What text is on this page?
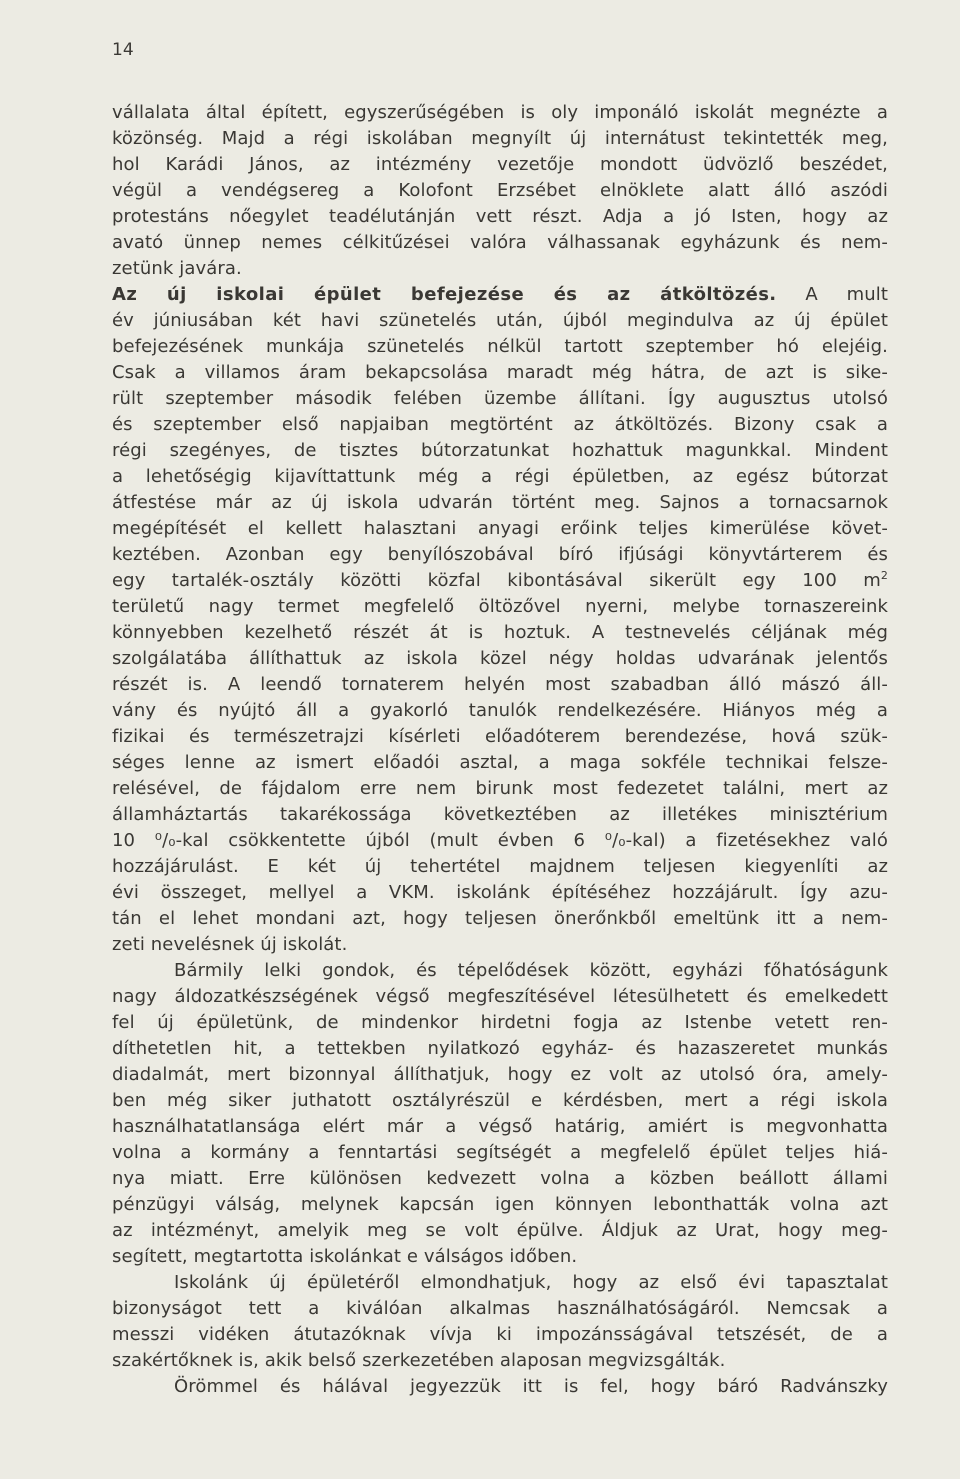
14
vállalata által épített, egyszerűségében is oly imponáló iskolát megnézte a
közönség. Majd a régi iskolában megnyílt új internátust tekintették meg,
hol Karádi János, az intézmény vezetője mondott üdvözlő beszédet,
végül a vendégsereg a Kolofont Erzsébet elnöklete alatt álló aszódi
protestáns nőegylet teadélutánján vett részt. Adja a jó Isten, hogy az
avató ünnep nemes célkitűzései valóra válhassanak egyházunk és nem-
zetünk javára.
Az új iskolai épület befejezése és az átköltözés. A mult
év júniusában két havi szünetelés után, újból megindulva az új épület
befejezésének munkája szünetelés nélkül tartott szeptember hó elejéig.
Csak a villamos áram bekapcsolása maradt még hátra, de azt is sike-
rült szeptember második felében üzembe állítani. Így augusztus utolsó
és szeptember első napjaiban megtörtént az átköltözés. Bizony csak a
régi szegényes, de tisztes bútorzatunkat hozhattuk magunkkal. Mindent
a lehetőségig kijavíttattunk még a régi épületben, az egész bútorzat
átfestése már az új iskola udvarán történt meg. Sajnos a tornacsarnok
megépítését el kellett halasztani anyagi erőink teljes kimerülése követ-
keztében. Azonban egy benyílószobával bíró ifjúsági könyvtárterem és
egy tartalék-osztály közötti közfal kibontásával sikerült egy 100 $m^2$
területű nagy termet megfelelő öltözővel nyerni, melybe tornaszereink
könnyebben kezelhető részét át is hoztuk. A testnevelés céljának még
szolgálatába állíthattuk az iskola közel négy holdas udvarának jelentős
részét is. A leendő tornaterem helyén most szabadban álló mászó áll-
vány és nyújtó áll a gyakorló tanulók rendelkezésére. Hiányos még a
fizikai és természetrajzi kísérleti előadóterem berendezése, hová szük-
séges lenne az ismert előadói asztal, a maga sokféle technikai felsze-
relésével, de fájdalom erre nem birunk most fedezetet találni, mert az
államháztartás takarékossága következtében az illetékes minisztérium
10 ⁰/₀-kal csökkentette újból (mult évben 6 ⁰/₀-kal) a fizetésekhez való
hozzájárulást. E két új tehertétel majdnem teljesen kiegyenlíti az
évi összeget, mellyel a VKM. iskolánk építéséhez hozzájárult. Így azu-
tán el lehet mondani azt, hogy teljesen önerőnkből emeltünk itt a nem-
zeti nevelésnek új iskolát.
Bármily lelki gondok, és tépelődések között, egyházi főhatóságunk
nagy áldozatkészségének végső megfeszítésével létesülhetett és emelkedett
fel új épületünk, de mindenkor hirdetni fogja az Istenbe vetett ren-
díthetetlen hit, a tettekben nyilatkozó egyház- és hazaszeretet munkás
diadalmát, mert bizonnyal állíthatjuk, hogy ez volt az utolsó óra, amely-
ben még siker juthatott osztályrészül e kérdésben, mert a régi iskola
használhatatlansága elért már a végső határig, amiért is megvonhatta
volna a kormány a fenntartási segítségét a megfelelő épület teljes hiá-
nya miatt. Erre különösen kedvezett volna a közben beállott állami
pénzügyi válság, melynek kapcsán igen könnyen lebonthatták volna azt
az intézményt, amelyik meg se volt épülve. Áldjuk az Urat, hogy meg-
segített, megtartotta iskolánkat e válságos időben.
Iskolánk új épületéről elmondhatjuk, hogy az első évi tapasztalat
bizonyságot tett a kiválóan alkalmas használhatóságáról. Nemcsak a
messzi vidéken átutazóknak vívja ki impozánsságával tetszését, de a
szakértőknek is, akik belső szerkezetében alaposan megvizsgálták.
Örömmel és hálával jegyezzük itt is fel, hogy báró Radvánszky
